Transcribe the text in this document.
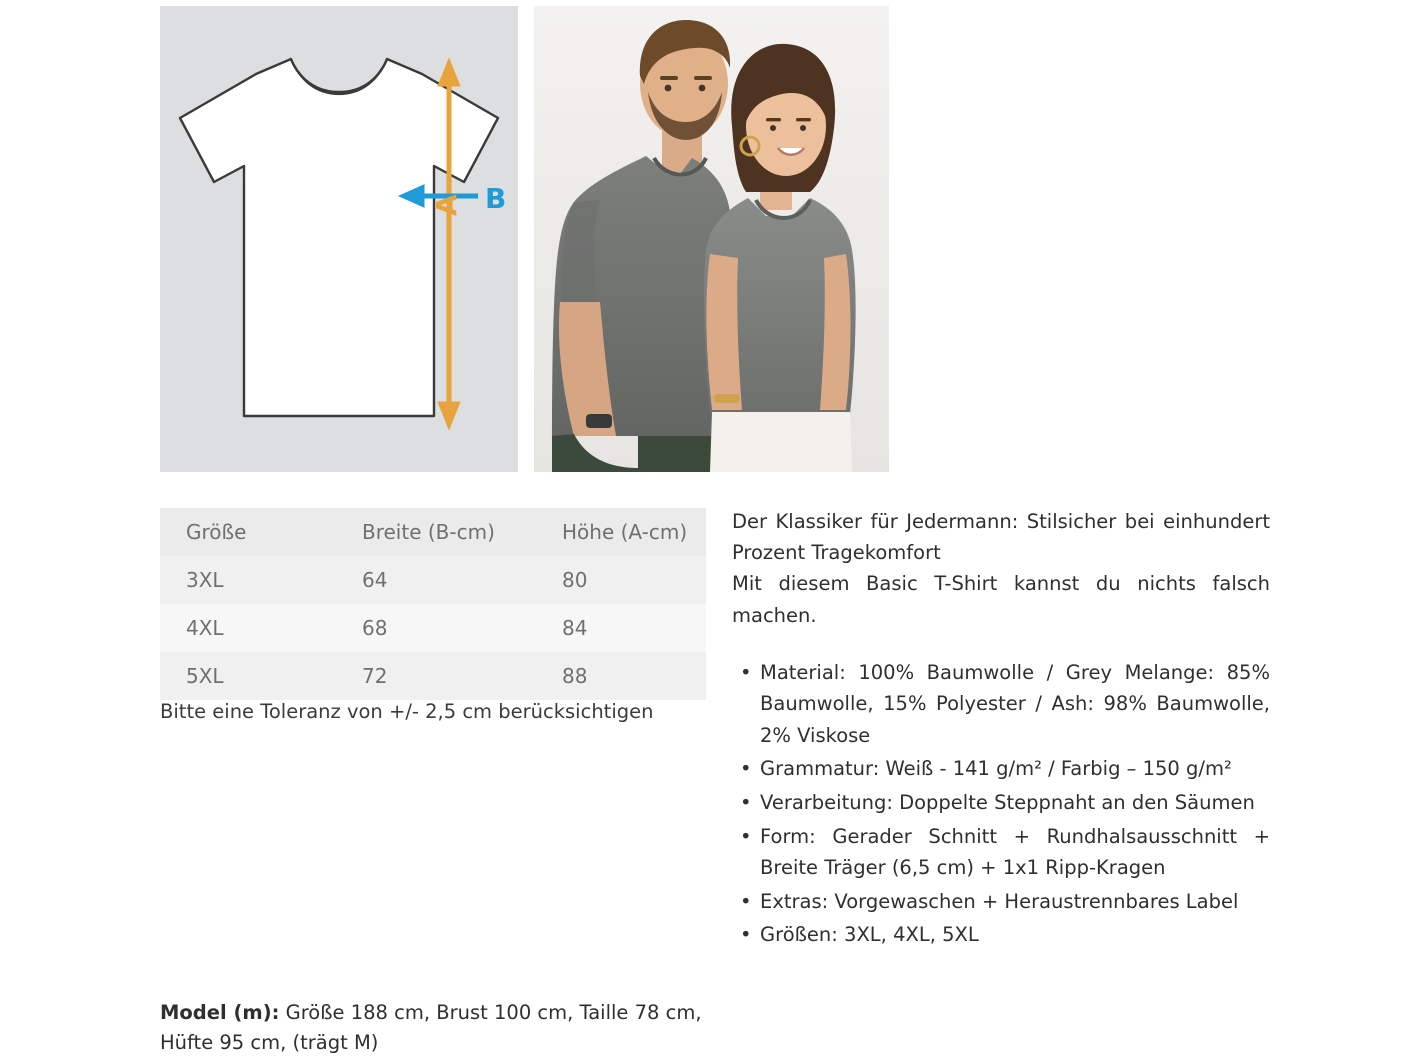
B
A
Größe	Breite (B-cm)	Höhe (A-cm)
3XL	64	80
4XL	68	84
5XL	72	88
Bitte eine Toleranz von +/- 2,5 cm berücksichtigen
Model (m): Größe 188 cm, Brust 100 cm, Taille 78 cm, Hüfte 95 cm, (trägt M)

Der Klassiker für Jedermann: Stilsicher bei einhundert Prozent Tragekomfort

Mit diesem Basic T-Shirt kannst du nichts falsch machen.

• Material: 100% Baumwolle / Grey Melange: 85% Baumwolle, 15% Polyester / Ash: 98% Baumwolle, 2% Viskose
• Grammatur: Weiß - 141 g/m² / Farbig – 150 g/m²
• Verarbeitung: Doppelte Steppnaht an den Säumen
• Form: Gerader Schnitt + Rundhalsausschnitt + Breite Träger (6,5 cm) + 1x1 Ripp-Kragen
• Extras: Vorgewaschen + Heraustrennbares Label
• Größen: 3XL, 4XL, 5XL
